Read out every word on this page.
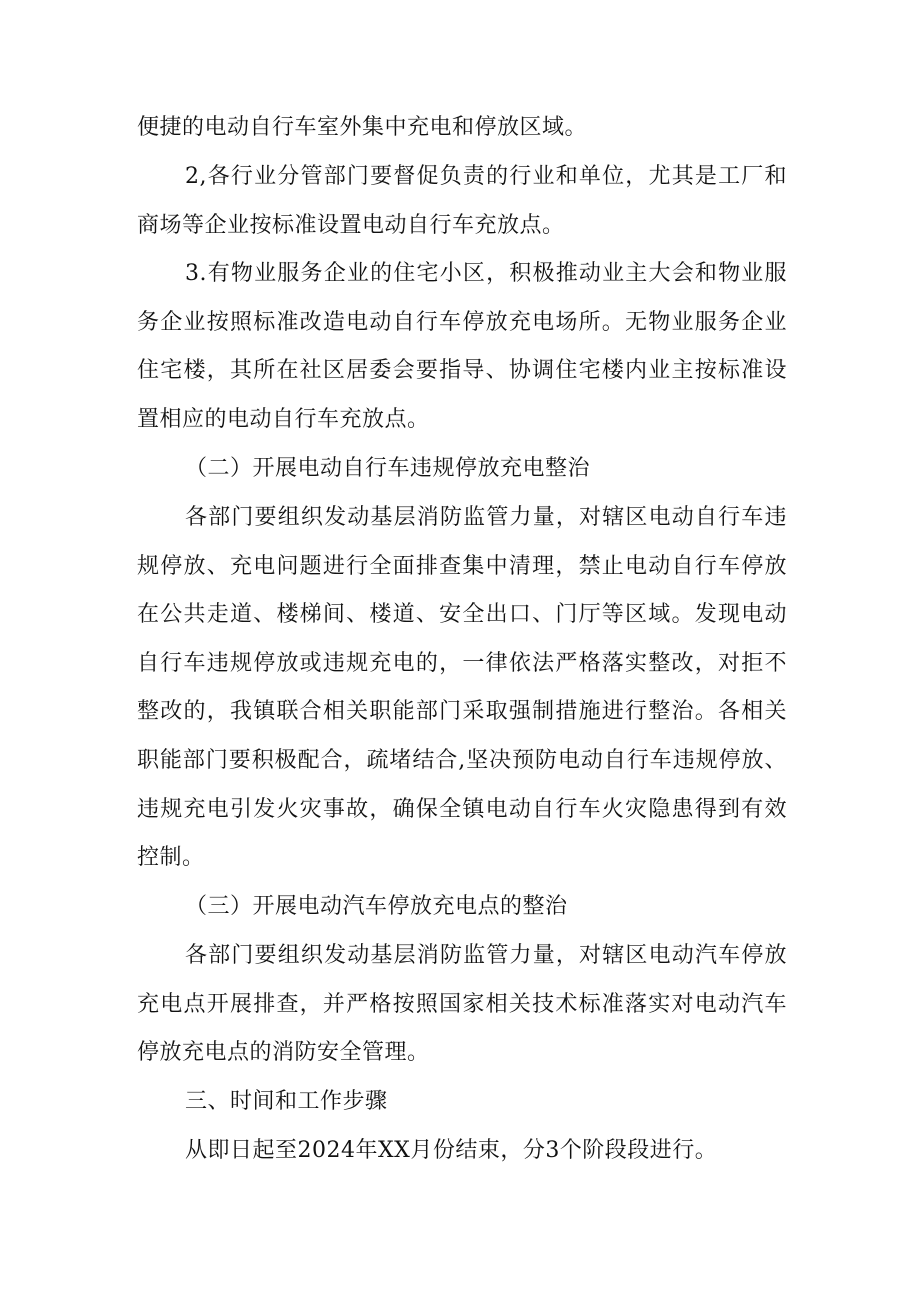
便捷的电动自行车室外集中充电和停放区域。

2,各行业分管部门要督促负责的行业和单位，尤其是工厂和商场等企业按标准设置电动自行车充放点。

3.有物业服务企业的住宅小区，积极推动业主大会和物业服务企业按照标准改造电动自行车停放充电场所。无物业服务企业住宅楼，其所在社区居委会要指导、协调住宅楼内业主按标准设置相应的电动自行车充放点。

（二）开展电动自行车违规停放充电整治

各部门要组织发动基层消防监管力量，对辖区电动自行车违规停放、充电问题进行全面排查集中清理，禁止电动自行车停放在公共走道、楼梯间、楼道、安全出口、门厅等区域。发现电动自行车违规停放或违规充电的，一律依法严格落实整改，对拒不整改的，我镇联合相关职能部门采取强制措施进行整治。各相关职能部门要积极配合，疏堵结合,坚决预防电动自行车违规停放、违规充电引发火灾事故，确保全镇电动自行车火灾隐患得到有效控制。

（三）开展电动汽车停放充电点的整治

各部门要组织发动基层消防监管力量，对辖区电动汽车停放充电点开展排查，并严格按照国家相关技术标准落实对电动汽车停放充电点的消防安全管理。

三、时间和工作步骤

从即日起至2024年XX月份结束，分3个阶段段进行。
